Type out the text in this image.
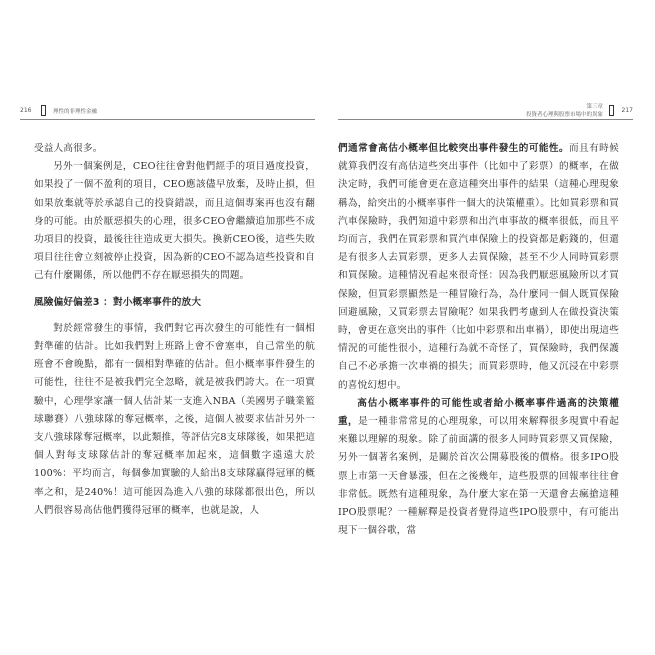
216	理性的非理性金融

受益人高很多。

另外一個案例是，CEO往往會對他們經手的項目過度投資，如果投了一個不盈利的項目，CEO應該儘早放棄，及時止損，但如果放棄就等於承認自己的投資錯誤，而且這個專案再也沒有翻身的可能。由於厭惡損失的心理，很多CEO會繼續追加那些不成功項目的投資，最後往往造成更大損失。換新CEO後，這些失敗項目往往會立刻被停止投資，因為新的CEO不認為這些投資和自己有什麼關係，所以他們不存在厭惡損失的問題。

風險偏好偏差3 ：對小概率事件的放大

對於經常發生的事情，我們對它再次發生的可能性有一個相對準確的估計。比如我們對上班路上會不會塞車，自己常坐的航班會不會晚點，都有一個相對準確的估計。但小概率事件發生的可能性，往往不是被我們完全忽略，就是被我們誇大。在一項實驗中，心理學家讓一個人估計某一支進入NBA（美國男子職業籃球聯賽）八強球隊的奪冠概率，之後，這個人被要求估計另外一支八強球隊奪冠概率，以此類推，等評估完8支球隊後，如果把這個人對每支球隊估計的奪冠概率加起來，這個數字遠遠大於100%：平均而言，每個參加實驗的人給出8支球隊贏得冠軍的概率之和，是240%！這可能因為進入八強的球隊都很出色，所以人們很容易高估他們獲得冠軍的概率，也就是說，人

第三章
投資者心理與股票市場中的異象
217

們通常會高估小概率但比較突出事件發生的可能性。而且有時候就算我們沒有高估這些突出事件（比如中了彩票）的概率，在做決定時，我們可能會更在意這種突出事件的結果（這種心理現象稱為，給突出的小概率事件一個大的決策權重）。比如買彩票和買汽車保險時，我們知道中彩票和出汽車事故的概率很低，而且平均而言，我們在買彩票和買汽車保險上的投資都是虧錢的，但還是有很多人去買彩票，更多人去買保險，甚至不少人同時買彩票和買保險。這種情況看起來很奇怪：因為我們厭惡風險所以才買保險，但買彩票顯然是一種冒險行為，為什麼同一個人既買保險回避風險，又買彩票去冒險呢？如果我們考慮到人在做投資決策時，會更在意突出的事件（比如中彩票和出車禍），即使出現這些情況的可能性很小，這種行為就不奇怪了，買保險時，我們保護自己不必承擔一次車禍的損失；而買彩票時，他又沉浸在中彩票的喜悅幻想中。

高估小概率事件的可能性或者給小概率事件過高的決策權重，是一種非常常見的心理現象，可以用來解釋很多現實中看起來難以理解的現象。除了前面講的很多人同時買彩票又買保險，另外一個著名案例，是關於首次公開募股後的價格。很多IPO股票上市第一天會暴漲，但在之後幾年，這些股票的回報率往往會非常低。既然有這種現象，為什麼大家在第一天還會去瘋搶這種IPO股票呢？一種解釋是投資者覺得這些IPO股票中，有可能出現下一個谷歌，當
